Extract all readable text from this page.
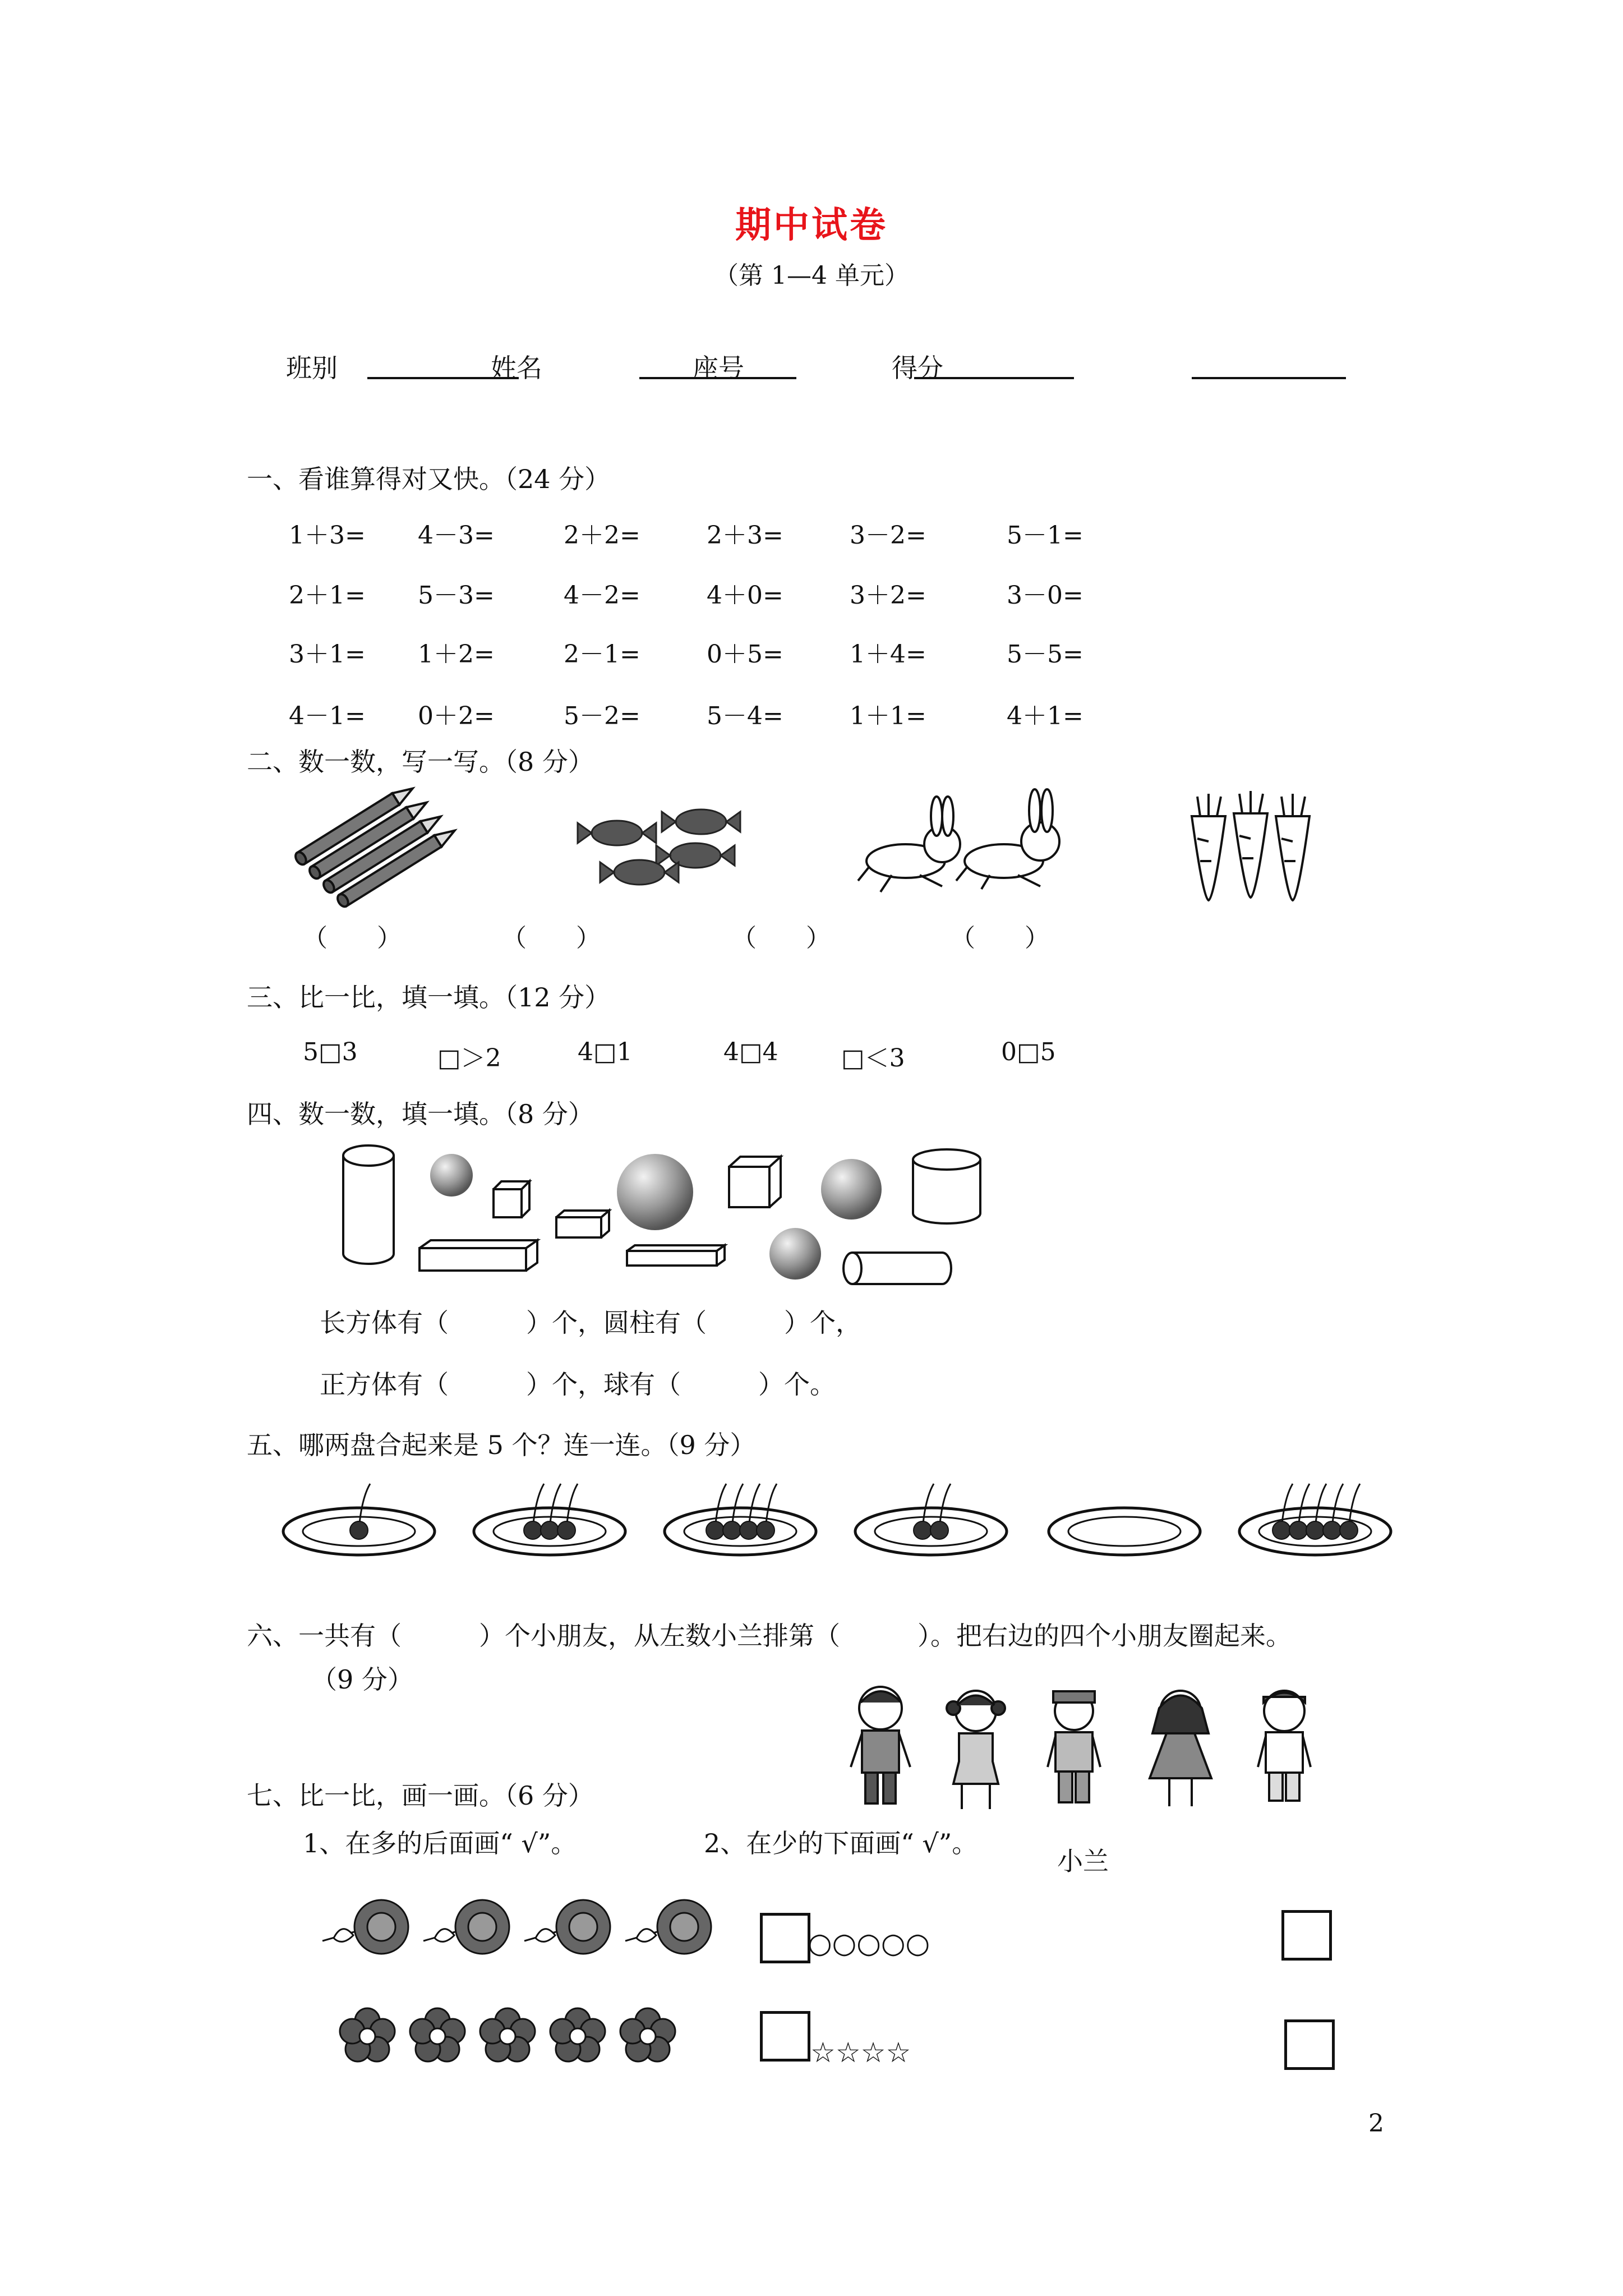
期中试卷
（第 1—4 单元）
班别	姓名	座号	得分
一、看谁算得对又快。（24 分）
1＋3= 4－3=	2＋2=	2＋3=	3－2=	5－1=
2＋1= 5－3=	4－2=	4＋0=	3＋2=	3－0=
3＋1= 1＋2=	2－1=	0＋5=	1＋4=	5－5=
4－1= 0＋2=	5－2=	5－4=	1＋1=	4＋1=
二、数一数，写一写。（8 分）
（　　）	（　　）	（　　）	（　　）
三、比一比，填一填。（12 分）
5□3	□＞2	4□1	4□4	□＜3	0□5
四、数一数，填一填。（8 分）
长方体有（　　　）个，圆柱有（　　　）个，
正方体有（　　　）个，球有（　　　）个。
五、哪两盘合起来是 5 个？连一连。（9 分）
六、一共有（　　　）个小朋友，从左数小兰排第（　　　）。把右边的四个小朋友圈起来。
（9 分）
小兰
七、比一比，画一画。（6 分）
1、在多的后面画“ √”。	2、在少的下面画“ √”。
○○○○○
☆☆☆☆
2
